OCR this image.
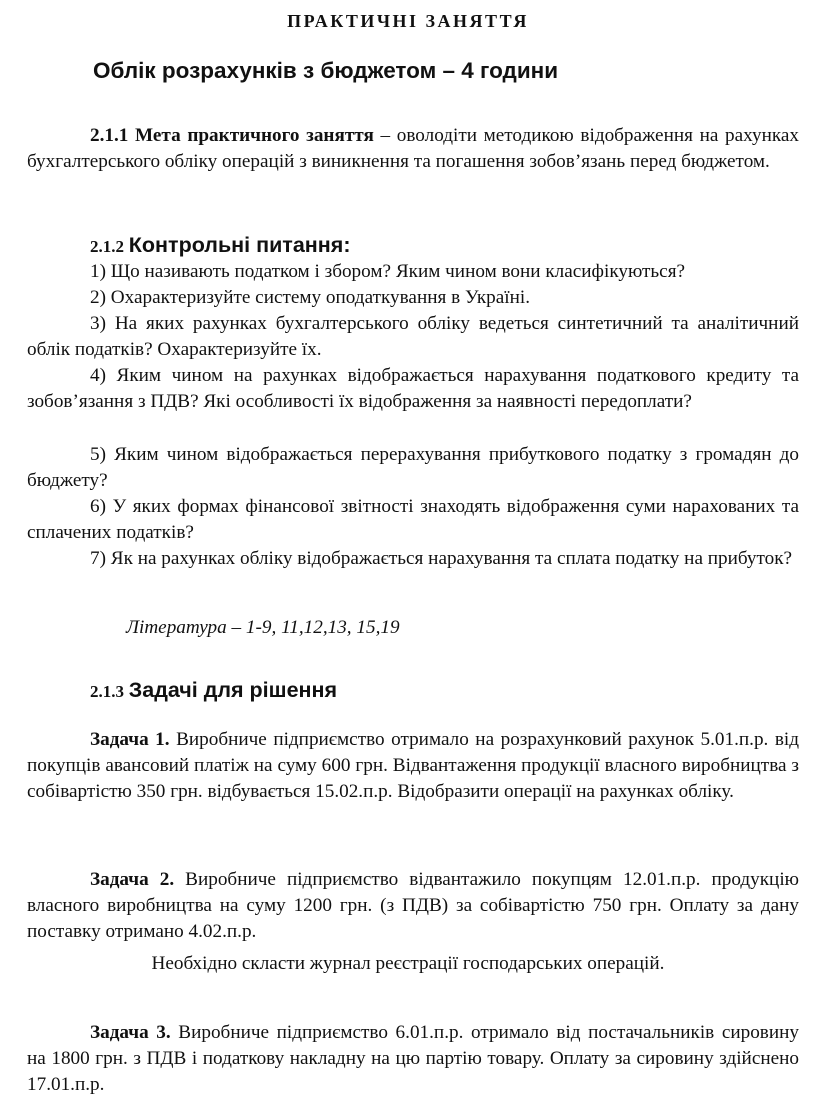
ПРАКТИЧНІ ЗАНЯТТЯ
Облік розрахунків з бюджетом – 4 години
2.1.1 Мета практичного заняття – оволодіти методикою відображення на рахунках бухгалтерського обліку операцій з виникнення та погашення зобов’язань перед бюджетом.
2.1.2 Контрольні питання:

1) Що називають податком і збором? Яким чином вони класифікуються?

2) Охарактеризуйте систему оподаткування в Україні.

3) На яких рахунках бухгалтерського обліку ведеться синтетичний та аналітичний облік податків? Охарактеризуйте їх.

4) Яким чином на рахунках відображається нарахування податкового кредиту та зобов’язання з ПДВ? Які особливості їх відображення за наявності передоплати?

5) Яким чином відображається перерахування прибуткового податку з громадян до бюджету?

6) У яких формах фінансової звітності знаходять відображення суми нарахованих та сплачених податків?

7) Як на рахунках обліку відображається нарахування та сплата податку на прибуток?

Література – 1-9, 11,12,13, 15,19
2.1.3 Задачі для рішення
Задача 1. Виробниче підприємство отримало на розрахунковий рахунок 5.01.п.р. від покупців авансовий платіж на суму 600 грн. Відвантаження продукції власного виробництва з собівартістю 350 грн. відбувається 15.02.п.р. Відобразити операції на рахунках обліку.
Задача 2. Виробниче підприємство відвантажило покупцям 12.01.п.р. продукцію власного виробництва на суму 1200 грн. (з ПДВ) за собівартістю 750 грн. Оплату за дану поставку отримано 4.02.п.р.
Необхідно скласти журнал реєстрації господарських операцій.
Задача 3. Виробниче підприємство 6.01.п.р. отримало від постачальників сировину на 1800 грн. з ПДВ і податкову накладну на цю партію товару. Оплату за сировину здійснено 17.01.п.р.
